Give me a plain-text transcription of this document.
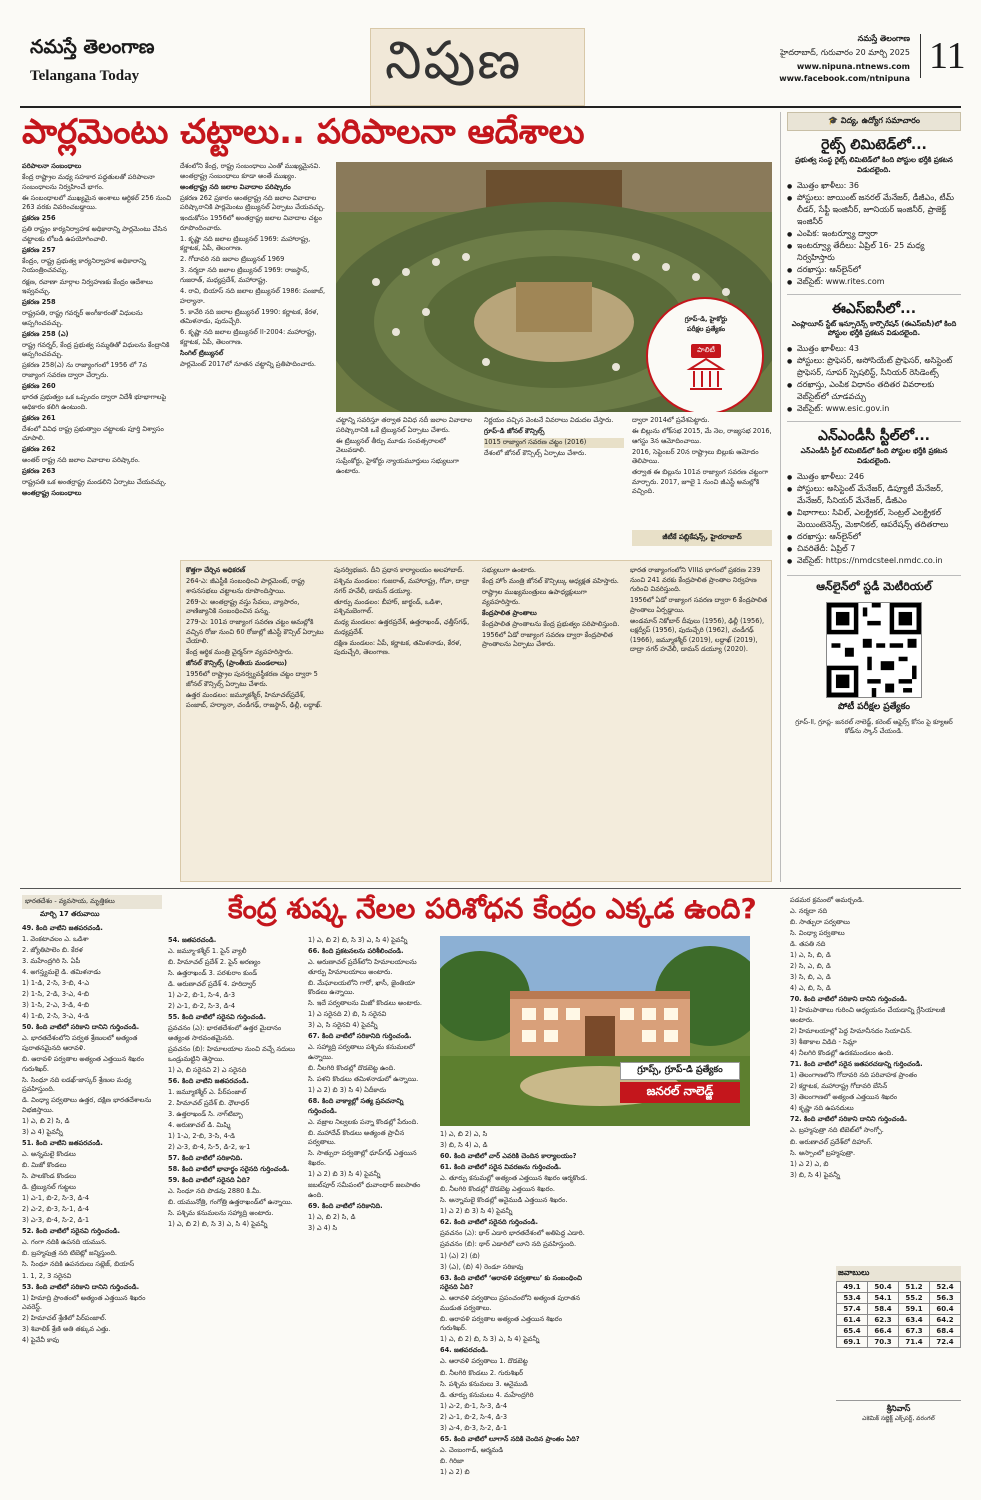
నమస్తే తెలంగాణ
Telangana Today	నిపుణ	నమస్తే తెలంగాణ
హైదరాబాద్, గురువారం 20 మార్చి 2025
www.nipuna.ntnews.com
www.facebook.com/ntnipuna
11
పార్లమెంటు చట్టాలు.. పరిపాలనా ఆదేశాలు

పరిపాలనా సంబంధాలు

కేంద్ర రాష్ట్రాల మధ్య సహకార పద్ధతులతో పరిపాలనా సంబంధాలను నిర్వహించే భాగం.

ఈ సంబంధాలలో ముఖ్యమైన అంశాలు ఆర్టికల్ 256 నుంచి 263 వరకు వివరించబడ్డాయి.

ప్రకరణ 256

ప్రతి రాష్ట్రం కార్యనిర్వాహక అధికారాన్ని పార్లమెంటు చేసిన చట్టాలకు లోబడి ఉపయోగించాలి.

ప్రకరణ 257

కేంద్రం, రాష్ట్ర ప్రభుత్వ కార్యనిర్వాహక అధికారాన్ని నియంత్రించవచ్చు.

రక్షణ, రవాణా మార్గాల నిర్వహణకు కేంద్రం ఆదేశాలు ఇవ్వవచ్చు.

ప్రకరణ 258

రాష్ట్రపతి, రాష్ట్ర గవర్నర్ అంగీకారంతో విధులను అప్పగించవచ్చు.

ప్రకరణ 258 (ఎ)

రాష్ట్ర గవర్నర్, కేంద్ర ప్రభుత్వ సమ్మతితో విధులను కేంద్రానికి అప్పగించవచ్చు.

ప్రకరణ 258(ఎ) ను రాజ్యాంగంలో 1956 లో 7వ రాజ్యాంగ సవరణ ద్వారా చేర్చారు.

ప్రకరణ 260

భారత ప్రభుత్వం ఒక ఒప్పందం ద్వారా విదేశీ భూభాగాలపై అధికారం కలిగి ఉంటుంది.

ప్రకరణ 261

దేశంలో వివిధ రాష్ట్ర ప్రభుత్వాల చట్టాలకు పూర్తి విశ్వాసం చూపాలి.

ప్రకరణ 262

అంతర్ రాష్ట్ర నది జలాల వివాదాల పరిష్కారం.

ప్రకరణ 263

రాష్ట్రపతి ఒక అంతర్రాష్ట్ర మండలిని ఏర్పాటు చేయవచ్చు.

అంతర్రాష్ట్ర సంబంధాలు

దేశంలోని కేంద్ర, రాష్ట్ర సంబంధాలు ఎంతో ముఖ్యమైనవి. అంతర్రాష్ట్ర సంబంధాలు కూడా అంతే ముఖ్యం.

అంతర్రాష్ట్ర నది జలాల వివాదాల పరిష్కారం

ప్రకరణ 262 ప్రకారం అంతర్రాష్ట్ర నది జలాల వివాదాల పరిష్కారానికి పార్లమెంటు ట్రిబ్యునల్ ఏర్పాటు చేయవచ్చు.

ఇందుకోసం 1956లో అంతర్రాష్ట్ర జలాల వివాదాల చట్టం రూపొందించారు.

1. కృష్ణా నది జలాల ట్రిబ్యునల్ 1969: మహారాష్ట్ర, కర్ణాటక, ఏపీ, తెలంగాణ.

2. గోదావరి నది జలాల ట్రిబ్యునల్ 1969

3. నర్మదా నది జలాల ట్రిబ్యునల్ 1969: రాజస్థాన్, గుజరాత్, మధ్యప్రదేశ్, మహారాష్ట్ర.

4. రావి, బియాస్ నది జలాల ట్రిబ్యునల్ 1986: పంజాబ్, హర్యానా.

5. కావేరి నది జలాల ట్రిబ్యునల్ 1990: కర్ణాటక, కేరళ, తమిళనాడు, పుదుచ్చేరి.

6. కృష్ణా నది జలాల ట్రిబ్యునల్ II-2004: మహారాష్ట్ర, కర్ణాటక, ఏపీ, తెలంగాణ.

సింగిల్ ట్రిబ్యునల్

పార్లమెంట్ 2017లో నూతన చట్టాన్ని ప్రతిపాదించారు.

గ్రూప్-డి, హైకోర్టు
పరీక్షల ప్రత్యేకం
పాలిటీ

చట్టాన్ని సవరిస్తూ తర్వాత వివిధ నదీ జలాల వివాదాల పరిష్కారానికి ఒకే ట్రిబ్యునల్ ఏర్పాటు చేశారు.

ఈ ట్రిబ్యునల్ తీర్పు మూడు సంవత్సరాలలో వెలువడాలి.

సుప్రీంకోర్టు, హైకోర్టు న్యాయమూర్తులు సభ్యులుగా ఉంటారు.

నిర్ణయం వచ్చిన వెంటనే వివరాలు విడుదల చేస్తారు.

గ్రూప్-డి జోనల్ కౌన్సిల్స్

1015 రాజ్యాంగ సవరణ చట్టం (2016)

దేశంలో జోనల్ కౌన్సిల్స్ ఏర్పాటు చేశారు.

ద్వారా 2014లో ప్రవేశపెట్టారు.

ఈ బిల్లును లోక్‌సభ 2015, మే నెల, రాజ్యసభ 2016, ఆగస్టు 3న ఆమోదించాయి.

2016, సెప్టెంబర్ 20న రాష్ట్రాలు బిల్లుకు ఆమోదం తెలిపాయి.

తర్వాత ఈ బిల్లును 101వ రాజ్యాంగ సవరణ చట్టంగా మార్చారు. 2017, జూలై 1 నుంచి జీఎస్టీ అమల్లోకి వచ్చింది.

జీటీకే పబ్లికేషన్స్, హైదరాబాద్

కొత్తగా చేర్చిన అధికరణ్

264-ఎ: జీఎస్టీకి సంబంధించి పార్లమెంట్, రాష్ట్ర శాసనసభలు చట్టాలను రూపొందిస్తాయి.

269-ఎ: అంతర్రాష్ట్ర వస్తు సేవలు, వ్యాపారం, వాణిజ్యానికి సంబంధించిన పన్ను.

279-ఎ: 101వ రాజ్యాంగ సవరణ చట్టం అమల్లోకి వచ్చిన రోజు నుంచి 60 రోజుల్లో జీఎస్టీ కౌన్సిల్ ఏర్పాటు చేయాలి.

కేంద్ర ఆర్థిక మంత్రి చైర్మన్‌గా వ్యవహరిస్తారు.

జోనల్ కౌన్సిల్స్ (ప్రాంతీయ మండలాలు)

1956లో రాష్ట్రాల పునర్వ్యవస్థీకరణ చట్టం ద్వారా 5 జోనల్ కౌన్సిల్స్ ఏర్పాటు చేశారు.

ఉత్తర మండలం: జమ్మూకశ్మీర్, హిమాచల్‌ప్రదేశ్, పంజాబ్, హర్యానా, చండీగఢ్, రాజస్థాన్, ఢిల్లీ, లద్దాఖ్.

పునర్విభజన. దీని ప్రధాన కార్యాలయం అలహాబాద్.

పశ్చిమ మండలం: గుజరాత్, మహారాష్ట్ర, గోవా, దాద్రా నగర్ హవేలీ, డామన్ డయ్యూ.

తూర్పు మండలం: బీహార్, జార్ఖండ్, ఒడిశా, పశ్చిమబెంగాల్.

మధ్య మండలం: ఉత్తరప్రదేశ్, ఉత్తరాఖండ్, ఛత్తీస్‌గఢ్, మధ్యప్రదేశ్.

దక్షిణ మండలం: ఏపీ, కర్ణాటక, తమిళనాడు, కేరళ, పుదుచ్చేరి, తెలంగాణ.

సభ్యులుగా ఉంటారు.

కేంద్ర హోం మంత్రి జోనల్ కౌన్సిల్కు అధ్యక్షత వహిస్తారు.

రాష్ట్రాల ముఖ్యమంత్రులు ఉపాధ్యక్షులుగా వ్యవహరిస్తారు.

కేంద్రపాలిత ప్రాంతాలు

కేంద్రపాలిత ప్రాంతాలను కేంద్ర ప్రభుత్వం పరిపాలిస్తుంది.

1956లో ఏడో రాజ్యాంగ సవరణ ద్వారా కేంద్రపాలిత ప్రాంతాలను ఏర్పాటు చేశారు.

భారత రాజ్యాంగంలోని VIIIవ భాగంలో ప్రకరణ 239 నుంచి 241 వరకు కేంద్రపాలిత ప్రాంతాల నిర్వహణ గురించి వివరిస్తుంది.

1956లో ఏడో రాజ్యాంగ సవరణ ద్వారా 6 కేంద్రపాలిత ప్రాంతాలు ఏర్పడ్డాయి.

అండమాన్ నికోబార్ దీవులు (1956), ఢిల్లీ (1956), లక్షద్వీప్ (1956), పుదుచ్చేరి (1962), చండీగఢ్ (1966), జమ్మూకశ్మీర్ (2019), లద్దాఖ్ (2019), దాద్రా నగర్ హవేలీ, డామన్ డయ్యూ (2020).

🎓 విద్య, ఉద్యోగ సమాచారం
రైట్స్ లిమిటెడ్‌లో...
ప్రభుత్వ సంస్థ రైట్స్ లిమిటెడ్‌లో కింది పోస్టుల భర్తీకి ప్రకటన విడుదలైంది.
● మొత్తం ఖాళీలు: 36
● పోస్టులు: జాయింట్ జనరల్ మేనేజర్, డీజీఎం, టీమ్ లీడర్, సేఫ్టీ ఇంజినీర్, జూనియర్ ఇంజినీర్, ప్రాజెక్ట్ ఇంజినీర్
● ఎంపిక: ఇంటర్వ్యూ ద్వారా
● ఇంటర్వ్యూ తేదీలు: ఏప్రిల్ 16- 25 మధ్య నిర్వహిస్తారు
● దరఖాస్తు: ఆన్‌లైన్‌లో
● వెబ్‌సైట్: www.rites.com
ఈఎస్ఐసీలో...
ఎంప్లాయీస్ స్టేట్ ఇన్సూరెన్స్ కార్పొరేషన్ (ఈఎస్ఐసీ)లో కింది పోస్టుల భర్తీకి ప్రకటన విడుదలైంది.
● మొత్తం ఖాళీలు: 43
● పోస్టులు: ప్రొఫెసర్, అసోసియేట్ ప్రొఫెసర్, అసిస్టెంట్ ప్రొఫెసర్, సూపర్ స్పెషలిస్ట్, సీనియర్ రెసిడెంట్స్
● దరఖాస్తు, ఎంపిక విధానం తదితర వివరాలకు వెబ్‌సైట్‌లో చూడవచ్చు
● వెబ్‌సైట్: www.esic.gov.in
ఎన్ఎండీసీ స్టీల్‌లో...
ఎన్ఎండీసీ స్టీల్ లిమిటెడ్‌లో కింది పోస్టుల భర్తీకి ప్రకటన విడుదలైంది.
● మొత్తం ఖాళీలు: 246
● పోస్టులు: అసిస్టెంట్ మేనేజర్, డిప్యూటీ మేనేజర్, మేనేజర్, సీనియర్ మేనేజర్, డీజీఎం
● విభాగాలు: సివిల్, ఎలక్ట్రికల్, సెంట్రల్ ఎలక్ట్రికల్ మెయింటెనెన్స్, మెకానికల్, ఆపరేషన్స్ తదితరాలు
● దరఖాస్తు: ఆన్‌లైన్‌లో
● చివరితేదీ: ఏప్రిల్ 7
● వెబ్‌సైట్: https://nmdcsteel.nmdc.co.in
ఆన్‌లైన్‌లో స్టడీ మెటీరియల్
పోటీ పరీక్షల ప్రత్యేకం
గ్రూప్-ll, గ్రూప్ల- జనరల్ నాలెడ్జ్, కరెంట్ అఫైర్స్ కోసం పై క్యూఆర్ కోడ్‌ను స్కాన్ చేయండి.
భారతదేశం - వ్యవసాయ, మృత్తికలు
మార్చి 17 తరువాయి	కేంద్ర శుష్క నేలల పరిశోధన కేంద్రం ఎక్కడ ఉంది?
గ్రూప్స్, గ్రూప్-డి ప్రత్యేకం
జనరల్ నాలెడ్జ్

49. కింది వాటిని జతపరచండి.

1. వెంకటాచలం ఎ. ఒడిశా

2. జ్యోతిపాలెం బి. కేరళ

3. మహేంద్రగిరి సి. ఏపీ

4. అగస్త్యమలై డి. తమిళనాడు

1) 1-డి, 2-సి, 3-బి, 4-ఎ

2) 1-సి, 2-డి, 3-ఎ, 4-బి

3) 1-సి, 2-ఎ, 3-డి, 4-బి

4) 1-బి, 2-సి, 3-ఎ, 4-డి

50. కింది వాటిలో సరికాని దానిని గుర్తించండి.

ఎ. భారతదేశంలోని పర్వత శ్రేణులలో అత్యంత పురాతనమైనది ఆరావళి.

బి. ఆరావళి పర్వతాల అత్యంత ఎత్తయిన శిఖరం గురుశిఖర్.

సి. సింధూ నది లడఖ్-జాస్కర్ శ్రేణుల మధ్య ప్రవహిస్తుంది.

డి. వింధ్యా పర్వతాలు ఉత్తర, దక్షిణ భారతదేశాలను విభజిస్తాయి.

1) ఎ, బి 2) సి, డి

3) ఎ 4) పైవన్నీ

51. కింది వాటిని జతపరచండి.

ఎ. అన్నమలై కొండలు

బి. మిజో కొండలు

సి. పాలకొండ కొండలు

డి. ట్రిబ్యునల్ గుట్టలు

1) ఎ-1, బి-2, సి-3, డి-4

2) ఎ-2, బి-3, సి-1, డి-4

3) ఎ-3, బి-4, సి-2, డి-1

52. కింది వాటిలో సరైనవి గుర్తించండి.

ఎ. గంగా నదికి ఉపనది యమున.

బి. బ్రహ్మపుత్ర నది టిబెట్లో జన్మిస్తుంది.

సి. సింధూ నదికి ఉపనదులు సట్లెజ్, బియాస్

1. 1, 2, 3 సరైనవి

53. కింది వాటిలో సరికాని దానిని గుర్తించండి.

1) హిమాద్రి ప్రాంతంలో అత్యంత ఎత్తయిన శిఖరం ఎవరెస్ట్.

2) హిమాచల్ శ్రేణిలో పిర్‌పంజాల్.

3) శివాలిక్ శ్రేణి అతి తక్కువ ఎత్తు.

4) పైవేవీ కావు

54. జతపరచండి.

ఎ. జమ్మూ-కశ్మీర్ 1. పైన్ వ్యాలీ

బి. హిమాచల్ ప్రదేశ్ 2. పైన్ అరణ్యం

సి. ఉత్తరాఖండ్ 3. పరశురాం కుండ్

డి. అరుణాచల్ ప్రదేశ్ 4. హరిద్వార్

1) ఎ-2, బి-1, సి-4, డి-3

2) ఎ-1, బి-2, సి-3, డి-4

55. కింది వాటిలో సరైనవి గుర్తించండి.

ప్రవచనం (ఎ): భారతదేశంలో ఉత్తర మైదానం అత్యంత సారవంతమైనది.

ప్రవచనం (బి): హిమాలయాల నుంచి వచ్చే నదులు ఒండ్రుమట్టిని తెస్తాయి.

1) ఎ, బి సరైనవి 2) ఎ సరైనది

56. కింది వాటిని జతపరచండి.

1. జమ్మూకశ్మీర్ ఎ. పీర్‌పంజాల్

2. హిమాచల్ ప్రదేశ్ బి. ధౌలాధర్

3. ఉత్తరాఖండ్ సి. నాగ్‌టిబ్బా

4. అరుణాచల్ డి. మిష్మి

1) 1-ఎ, 2-బి, 3-సి, 4-డి

2) ఎ-3, బి-4, సి-5, డి-2, ఇ-1

57. కింది వాటిలో సరికానిది.

58. కింది వాటిలో భావార్థం సరైనది గుర్తించండి.

59. కింది వాటిలో సరైనది ఏది?

ఎ. సింధూ నది పొడవు 2880 కి.మీ.

బి. యమునోత్రి, గంగోత్రి ఉత్తరాఖండ్‌లో ఉన్నాయి.

సి. పశ్చిమ కనుమలను సహ్యాద్రి అంటారు.

1) ఎ, బి 2) బి, సి 3) ఎ, సి 4) పైవన్నీ

1) ఎ, బి 2) ఎ, సి

3) బి, సి 4) ఎ, డి

60. కింది వాటిలో చార్ ఎవరికి చెందిన కార్యాలయం?

61. కింది వాటిలో సరైన వివరణను గుర్తించండి.

ఎ. తూర్పు కనుమల్లో అత్యంత ఎత్తయిన శిఖరం ఆర్మకొండ.

బి. నీలగిరి కొండల్లో దొడబెట్ట ఎత్తయిన శిఖరం.

సి. అన్నామలై కొండల్లో ఆనైముడి ఎత్తయిన శిఖరం.

1) ఎ 2) బి 3) సి 4) పైవన్నీ

62. కింది వాటిలో సరైనది గుర్తించండి.

ప్రవచనం (ఎ): థార్ ఎడారి భారతదేశంలో అతిపెద్ద ఎడారి.

ప్రవచనం (బి): థార్ ఎడారిలో లూని నది ప్రవహిస్తుంది.

1) (ఎ) 2) (బి)

3) (ఎ), (బి) 4) రెండూ సరికావు

63. కింది వాటిలో ‘ఆరావళి పర్వతాలు’ కు సంబంధించి సరైనది ఏది?

ఎ. ఆరావళి పర్వతాలు ప్రపంచంలోని అత్యంత పురాతన ముడుత పర్వతాలు.

బి. ఆరావళి పర్వతాల అత్యంత ఎత్తయిన శిఖరం గురుశిఖర్.

1) ఎ, బి 2) బి, సి 3) ఎ, సి 4) పైవన్నీ

64. జతపరచండి.

ఎ. ఆరావళి పర్వతాలు 1. దొడబెట్ట

బి. నీలగిరి కొండలు 2. గురుశిఖర్

సి. పశ్చిమ కనుమలు 3. ఆనైముడి

డి. తూర్పు కనుమలు 4. మహేంద్రగిరి

1) ఎ-2, బి-1, సి-3, డి-4

2) ఎ-1, బి-2, సి-4, డి-3

3) ఎ-4, బి-3, సి-2, డి-1

65. కింది వాటిలో లూగాన్ నదికి చెందిన ప్రాంతం ఏది?

ఎ. చెంబంగాడ్, ఆర్మమడి

బి. గిరిజా

1) ఎ 2) బి

1) ఎ, బి 2) బి, సి 3) ఎ, సి 4) పైవన్నీ

66. కింది ప్రకటనలను పరిశీలించండి.

ఎ. అరుణాచల్ ప్రదేశ్‌లోని హిమాలయాలను తూర్పు హిమాలయాలు అంటారు.

బి. మేఘాలయలోని గారో, ఖాసీ, జైంతియా కొండలు ఉన్నాయి.

సి. ఇదే పర్వతాలను మిజో కొండలు అంటారు.

1) ఎ సరైనది 2) బి, సి సరైనవి

3) ఎ, సి సరైనవి 4) పైవన్నీ

67. కింది వాటిలో సరికానిది గుర్తించండి.

ఎ. సహ్యాద్రి పర్వతాలు పశ్చిమ కనుమలలో ఉన్నాయి.

బి. నీలగిరి కొండల్లో దొడబెట్ట ఉంది.

సి. పళని కొండలు తమిళనాడులో ఉన్నాయి.

1) ఎ 2) బి 3) సి 4) ఏదీకాదు

68. కింది వాక్యాల్లో సత్య ప్రవచనాన్ని గుర్తించండి.

ఎ. వజ్రాల నిల్వలకు పన్నా కొండల్లో పేరుంది.

బి. మహాదేవ్ కొండలు అత్యంత ప్రాచీన పర్వతాలు.

సి. సాత్పురా పర్వతాల్లో ధూప్‌గఢ్ ఎత్తయిన శిఖరం.

1) ఎ 2) బి 3) సి 4) పైవన్నీ

జబల్‌పూర్ సమీపంలో ధువాంధార్ జలపాతం ఉంది.

69. కింది వాటిలో సరికానిది.

1) ఎ, బి 2) సి, డి

3) ఎ 4) సి

పడమర క్రమంలో అమర్చండి.

ఎ. నర్మదా నది

బి. సాత్పురా పర్వతాలు

సి. వింధ్యా పర్వతాలు

డి. తపతి నది

1) ఎ, సి, బి, డి

2) సి, ఎ, బి, డి

3) సి, బి, ఎ, డి

4) ఎ, బి, సి, డి

70. కింది వాటిలో సరికాని దానిని గుర్తించండి.

1) హిమపాతాలు గురించి అధ్యయనం చేయడాన్ని గ్లేసియాలజీ అంటారు.

2) హిమాలయాల్లో పెద్ద హిమానీనదం సియాచిన్.

3) శీతాకాల విడిది - సిమ్లా

4) నీలగిరి కొండల్లో ఉదకమండలం ఉంది.

71. కింది వాటిలో సరైన జతపరచడాన్ని గుర్తించండి.

1) తెలంగాణలోని గోదావరి నది పరివాహక ప్రాంతం

2) కర్ణాటక, మహారాష్ట్ర గోదావరి బేసిన్

3) తెలంగాణలో అత్యంత ఎత్తయిన శిఖరం

4) కృష్ణా నది ఉపనదులు

72. కింది వాటిలో సరికాని దానిని గుర్తించండి.

ఎ. బ్రహ్మపుత్రా నది టిబెట్‌లో సాంగ్పో.

బి. అరుణాచల్ ప్రదేశ్‌లో దిహాంగ్.

సి. అస్సాంలో బ్రహ్మపుత్రా.

1) ఎ 2) ఎ, బి

3) బి, సి 4) పైవన్నీ

జవాబులు
49.1	50.4	51.2	52.4
53.4	54.1	55.2	56.3
57.4	58.4	59.1	60.4
61.4	62.3	63.4	64.2
65.4	66.4	67.3	68.4
69.1	70.3	71.4	72.4
శ్రీనివాస్
ఎకెమిక్ సబ్జెక్ట్ ఎక్స్‌పర్ట్, వరంగల్
